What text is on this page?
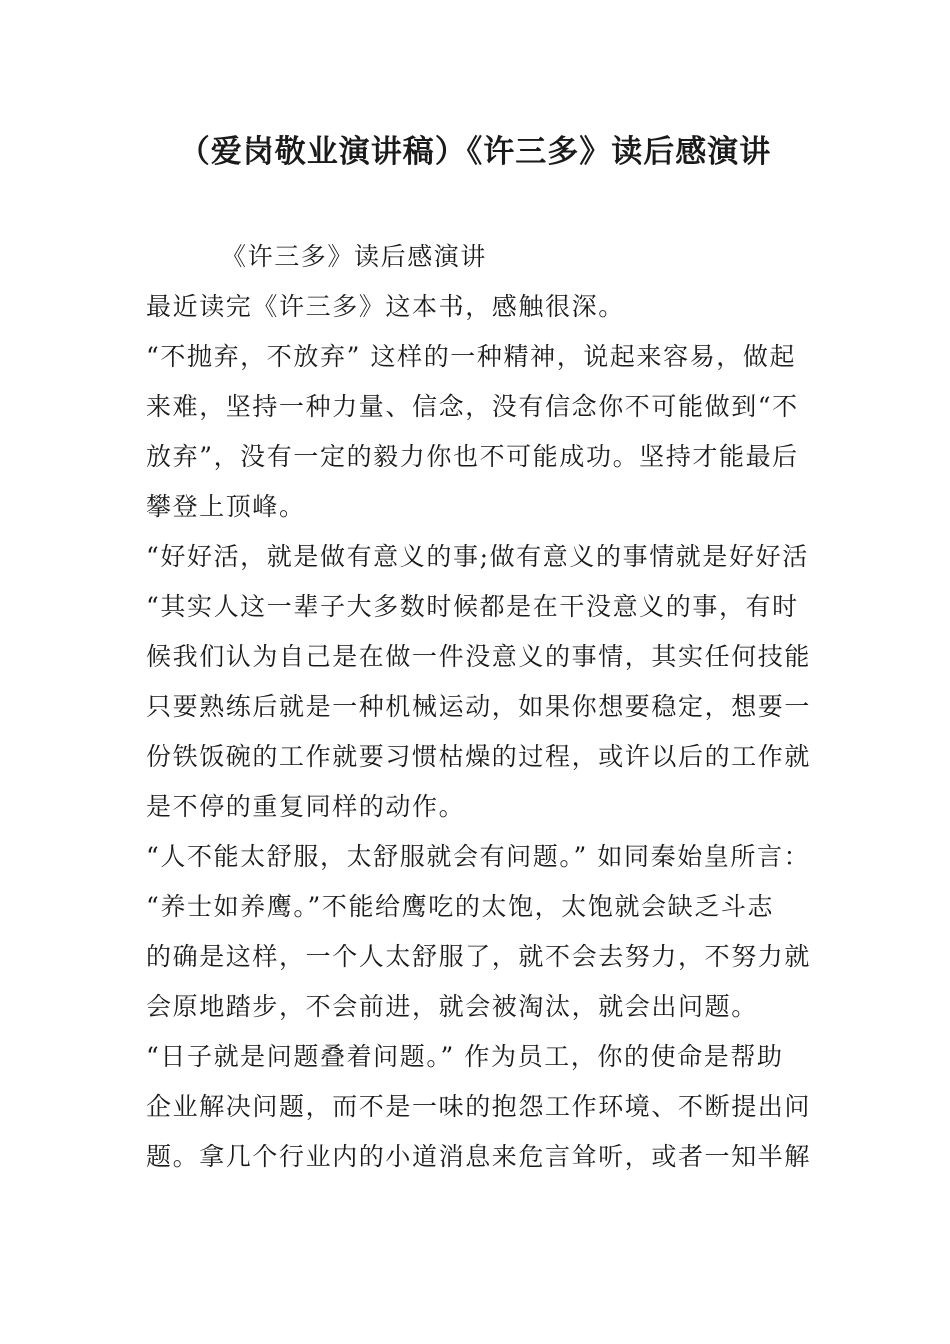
（爱岗敬业演讲稿）《许三多》读后感演讲

《许三多》读后感演讲

最近读完《许三多》这本书，感触很深。

“不抛弃，不放弃” 这样的一种精神，说起来容易，做起

来难，坚持一种力量、信念，没有信念你不可能做到“不

放弃”，没有一定的毅力你也不可能成功。坚持才能最后

攀登上顶峰。

“好好活，就是做有意义的事;做有意义的事情就是好好活

“其实人这一辈子大多数时候都是在干没意义的事，有时

候我们认为自己是在做一件没意义的事情，其实任何技能

只要熟练后就是一种机械运动，如果你想要稳定，想要一

份铁饭碗的工作就要习惯枯燥的过程，或许以后的工作就

是不停的重复同样的动作。

“人不能太舒服，太舒服就会有问题。” 如同秦始皇所言：

“养士如养鹰。”不能给鹰吃的太饱，太饱就会缺乏斗志

的确是这样，一个人太舒服了，就不会去努力，不努力就

会原地踏步，不会前进，就会被淘汰，就会出问题。

“日子就是问题叠着问题。” 作为员工，你的使命是帮助

企业解决问题，而不是一味的抱怨工作环境、不断提出问

题。拿几个行业内的小道消息来危言耸听，或者一知半解
